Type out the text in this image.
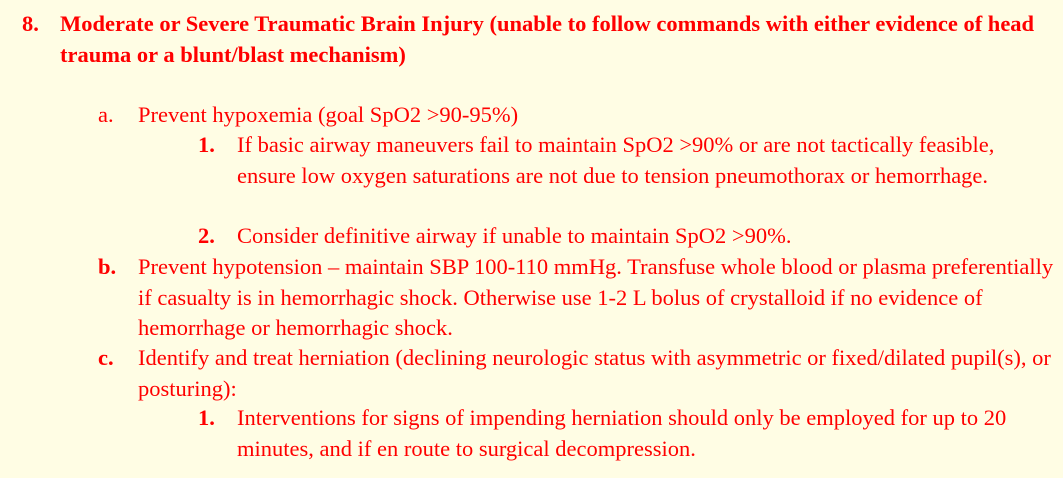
8. Moderate or Severe Traumatic Brain Injury (unable to follow commands with either evidence of head trauma or a blunt/blast mechanism)
a. Prevent hypoxemia (goal SpO2 >90-95%)
1. If basic airway maneuvers fail to maintain SpO2 >90% or are not tactically feasible, ensure low oxygen saturations are not due to tension pneumothorax or hemorrhage.
2. Consider definitive airway if unable to maintain SpO2 >90%.
b. Prevent hypotension – maintain SBP 100-110 mmHg. Transfuse whole blood or plasma preferentially if casualty is in hemorrhagic shock. Otherwise use 1-2 L bolus of crystalloid if no evidence of hemorrhage or hemorrhagic shock.
c. Identify and treat herniation (declining neurologic status with asymmetric or fixed/dilated pupil(s), or posturing):
1. Interventions for signs of impending herniation should only be employed for up to 20 minutes, and if en route to surgical decompression.
